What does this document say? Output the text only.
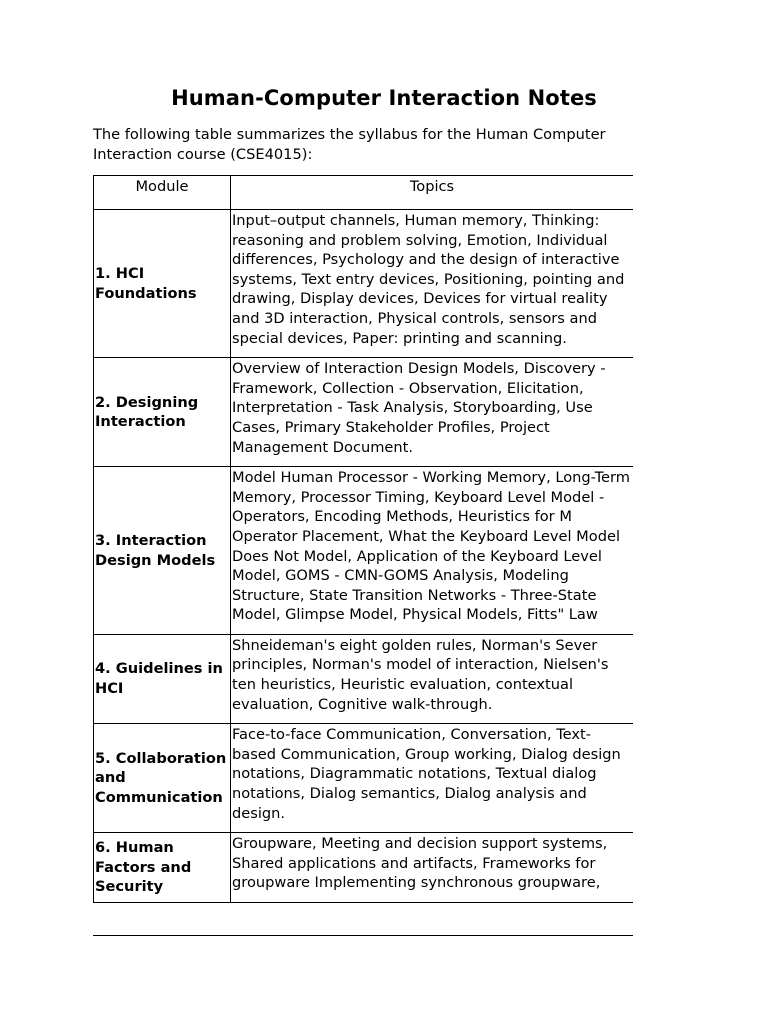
Human-Computer Interaction Notes

The following table summarizes the syllabus for the Human Computer Interaction course (CSE4015):

Module	Topics
1. HCI Foundations	Input–output channels, Human memory, Thinking: reasoning and problem solving, Emotion, Individual differences, Psychology and the design of interactive systems, Text entry devices, Positioning, pointing and drawing, Display devices, Devices for virtual reality and 3D interaction, Physical controls, sensors and special devices, Paper: printing and scanning.
2. Designing Interaction	Overview of Interaction Design Models, Discovery - Framework, Collection - Observation, Elicitation, Interpretation - Task Analysis, Storyboarding, Use Cases, Primary Stakeholder Profiles, Project Management Document.
3. Interaction Design Models	Model Human Processor - Working Memory, Long-Term Memory, Processor Timing, Keyboard Level Model - Operators, Encoding Methods, Heuristics for M Operator Placement, What the Keyboard Level Model Does Not Model, Application of the Keyboard Level Model, GOMS - CMN-GOMS Analysis, Modeling Structure, State Transition Networks - Three-State Model, Glimpse Model, Physical Models, Fitts" Law
4. Guidelines in HCI	Shneideman's eight golden rules, Norman's Sever principles, Norman's model of interaction, Nielsen's ten heuristics, Heuristic evaluation, contextual evaluation, Cognitive walk-through.
5. Collaboration and Communication	Face-to-face Communication, Conversation, Text-based Communication, Group working, Dialog design notations, Diagrammatic notations, Textual dialog notations, Dialog semantics, Dialog analysis and design.
6. Human Factors and Security	Groupware, Meeting and decision support systems, Shared applications and artifacts, Frameworks for groupware Implementing synchronous groupware,
